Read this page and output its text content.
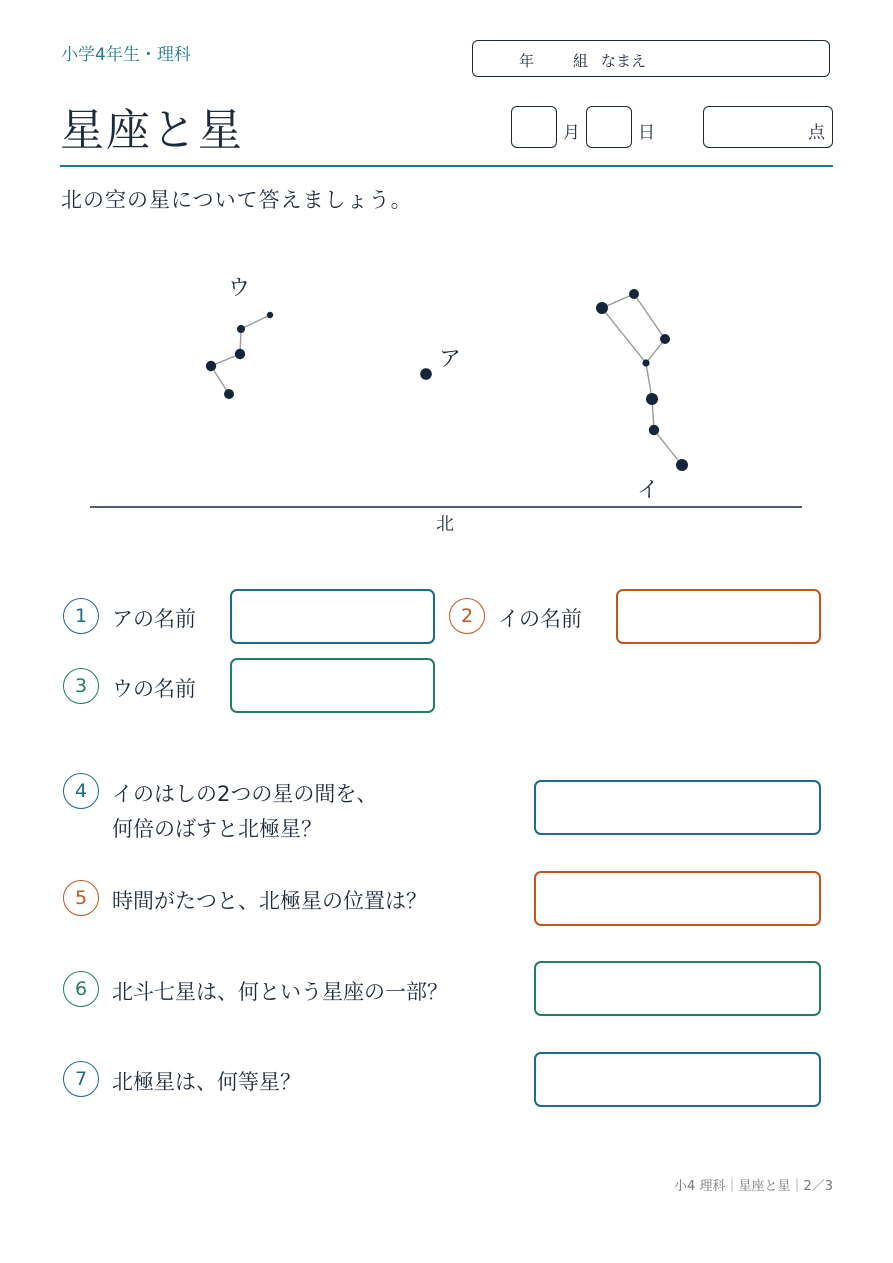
小学4年生・理科	年	組 なまえ
星座と星	月	日	点
北の空の星について答えましょう。
ウ
ア
イ
北
1	アの名前	2	イの名前
3	ウの名前
4	イのはしの2つの星の間を、
何倍のばすと北極星？
5	時間がたつと、北極星の位置は？
6	北斗七星は、何という星座の一部？
7	北極星は、何等星？
小4 理科｜星座と星｜2／3
